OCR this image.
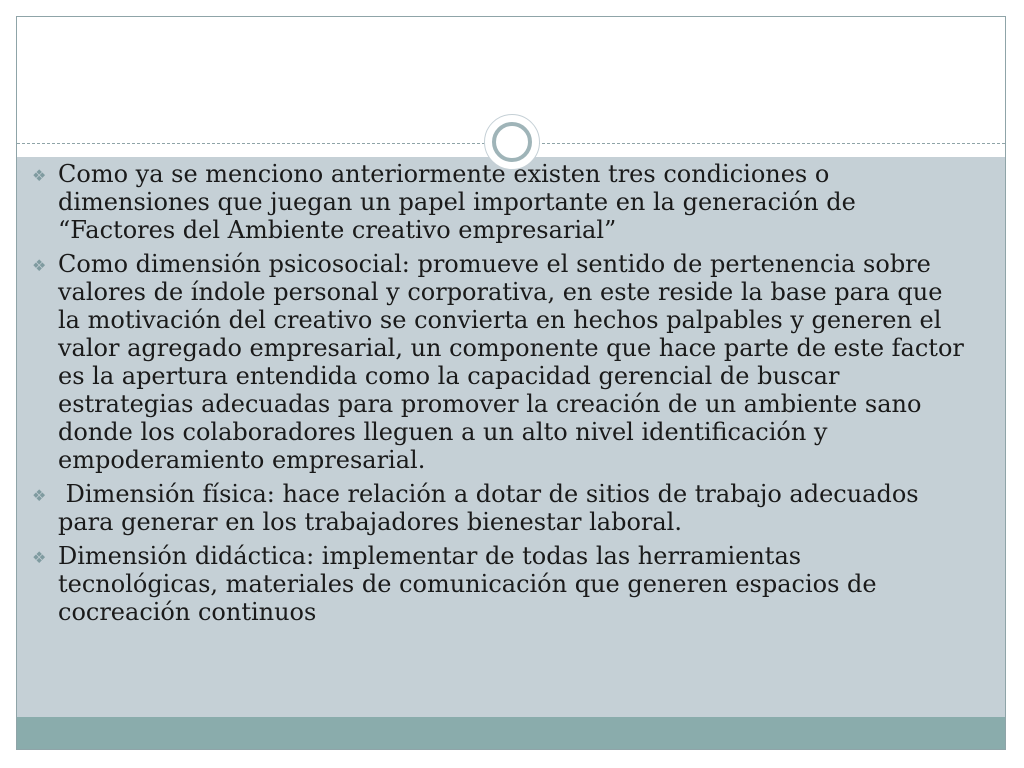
❖ Como ya se menciono anteriormente existen tres condiciones o dimensiones que juegan un papel importante en la generación de “Factores del Ambiente creativo empresarial”
❖ Como dimensión psicosocial: promueve el sentido de pertenencia sobre valores de índole personal y corporativa, en este reside la base para que la motivación del creativo se convierta en hechos palpables y generen el valor agregado empresarial, un componente que hace parte de este factor es la apertura entendida como la capacidad gerencial de buscar estrategias adecuadas para promover la creación de un ambiente sano donde los colaboradores lleguen a un alto nivel identificación y empoderamiento empresarial.
❖ Dimensión física: hace relación a dotar de sitios de trabajo adecuados para generar en los trabajadores bienestar laboral.
❖ Dimensión didáctica: implementar de todas las herramientas tecnológicas, materiales de comunicación que generen espacios de cocreación continuos
